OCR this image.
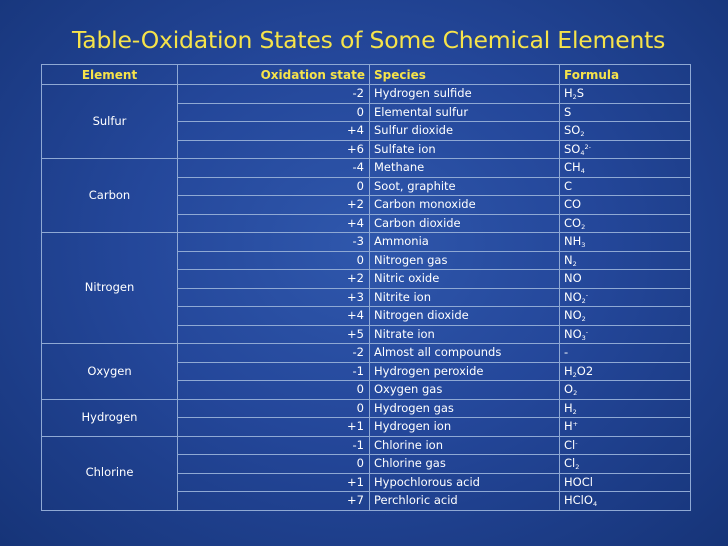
Table-Oxidation States of Some Chemical Elements
Element	Oxidation state	Species	Formula
Sulfur	-2	Hydrogen sulfide	$H_2S$
	0	Elemental sulfur	S
	+4	Sulfur dioxide	$SO_2$
	+6	Sulfate ion	$SO_4^{2-}$
Carbon	-4	Methane	$CH_4$
	0	Soot, graphite	C
	+2	Carbon monoxide	CO
	+4	Carbon dioxide	$CO_2$
Nitrogen	-3	Ammonia	$NH_3$
	0	Nitrogen gas	$N_2$
	+2	Nitric oxide	NO
	+3	Nitrite ion	$NO_2^-$
	+4	Nitrogen dioxide	$NO_2$
	+5	Nitrate ion	$NO_3^-$
Oxygen	-2	Almost all compounds	-
	-1	Hydrogen peroxide	$H_2O2$
	0	Oxygen gas	$O_2$
Hydrogen	0	Hydrogen gas	$H_2$
	+1	Hydrogen ion	H+
Chlorine	-1	Chlorine ion	Cl-
	0	Chlorine gas	$Cl_2$
	+1	Hypochlorous acid	HOCl
	+7	Perchloric acid	HClO$_4$
